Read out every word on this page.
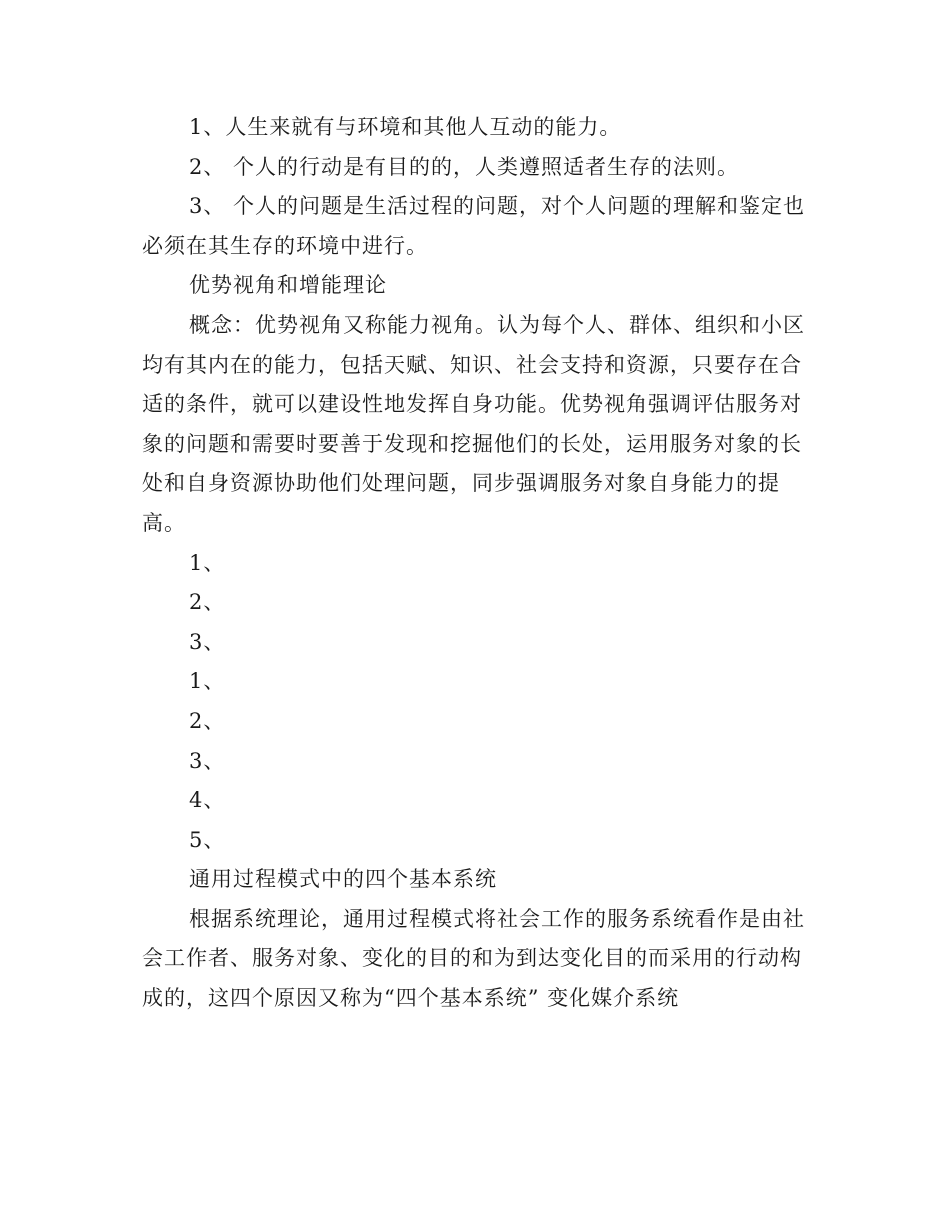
1、人生来就有与环境和其他人互动的能力。

2、 个人的行动是有目的的，人类遵照适者生存的法则。

3、 个人的问题是生活过程的问题，对个人问题的理解和鉴定也必须在其生存的环境中进行。

优势视角和增能理论

概念：优势视角又称能力视角。认为每个人、群体、组织和小区均有其内在的能力，包括天赋、知识、社会支持和资源，只要存在合适的条件，就可以建设性地发挥自身功能。优势视角强调评估服务对象的问题和需要时要善于发现和挖掘他们的长处，运用服务对象的长处和自身资源协助他们处理问题，同步强调服务对象自身能力的提高。

1、

2、

3、

1、

2、

3、

4、

5、

通用过程模式中的四个基本系统

根据系统理论，通用过程模式将社会工作的服务系统看作是由社会工作者、服务对象、变化的目的和为到达变化目的而采用的行动构成的，这四个原因又称为“四个基本系统” 变化媒介系统
